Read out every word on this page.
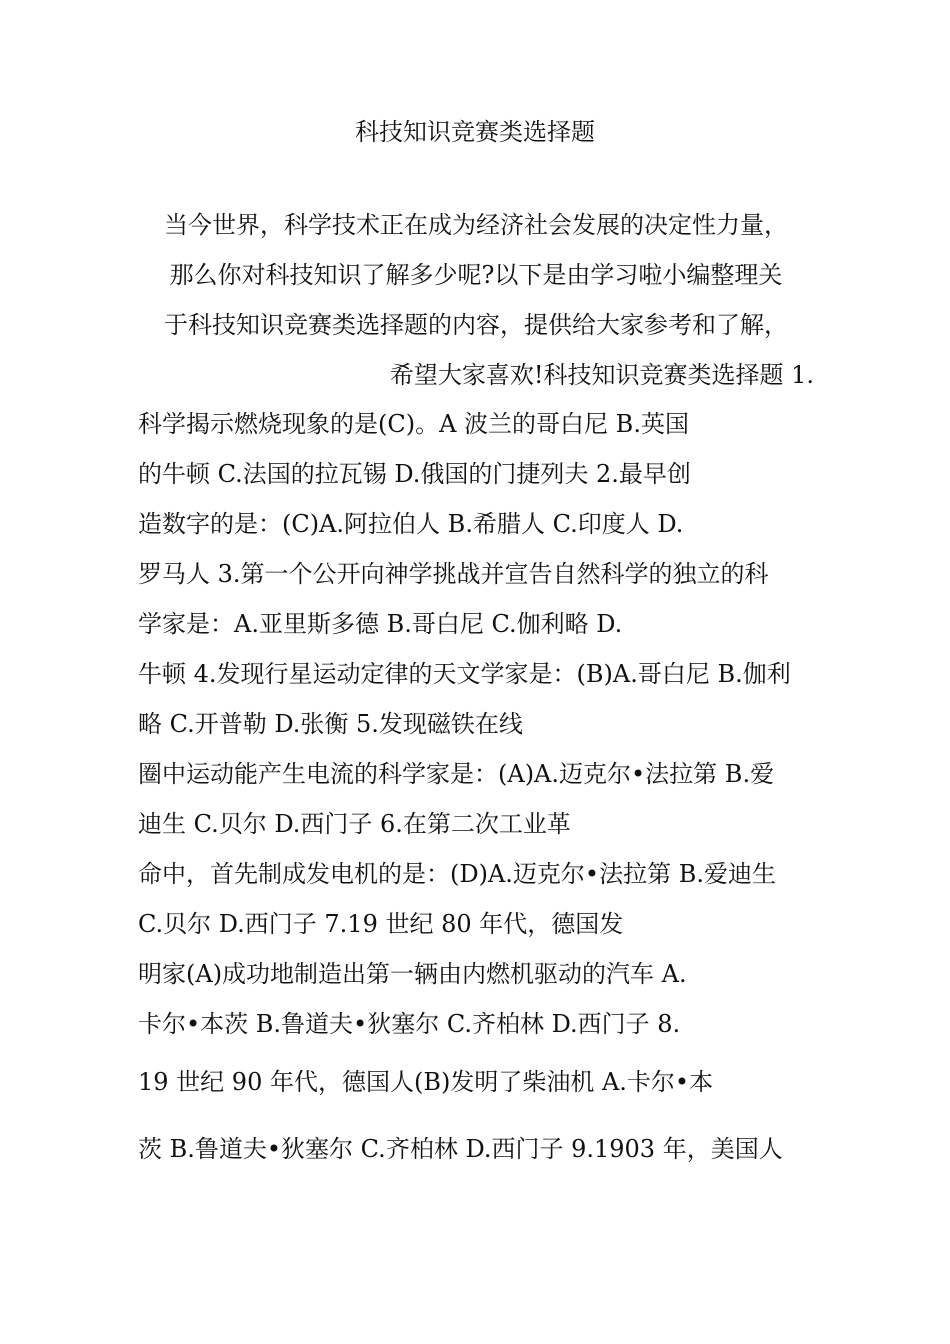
科技知识竞赛类选择题
当今世界，科学技术正在成为经济社会发展的决定性力量，
那么你对科技知识了解多少呢?以下是由学习啦小编整理关
于科技知识竞赛类选择题的内容，提供给大家参考和了解，
希望大家喜欢!科技知识竞赛类选择题 1.
科学揭示燃烧现象的是(C)。A 波兰的哥白尼 B.英国
的牛顿 C.法国的拉瓦锡 D.俄国的门捷列夫 2.最早创
造数字的是：(C)A.阿拉伯人 B.希腊人 C.印度人 D.
罗马人 3.第一个公开向神学挑战并宣告自然科学的独立的科
学家是：A.亚里斯多德 B.哥白尼 C.伽利略 D.
牛顿 4.发现行星运动定律的天文学家是：(B)A.哥白尼 B.伽利
略 C.开普勒 D.张衡 5.发现磁铁在线
圈中运动能产生电流的科学家是：(A)A.迈克尔•法拉第 B.爱
迪生 C.贝尔 D.西门子 6.在第二次工业革
命中，首先制成发电机的是：(D)A.迈克尔•法拉第 B.爱迪生
C.贝尔 D.西门子 7.19 世纪 80 年代，德国发
明家(A)成功地制造出第一辆由内燃机驱动的汽车 A.
卡尔•本茨 B.鲁道夫•狄塞尔 C.齐柏林 D.西门子 8.
19 世纪 90 年代，德国人(B)发明了柴油机 A.卡尔•本
茨 B.鲁道夫•狄塞尔 C.齐柏林 D.西门子 9.1903 年，美国人
